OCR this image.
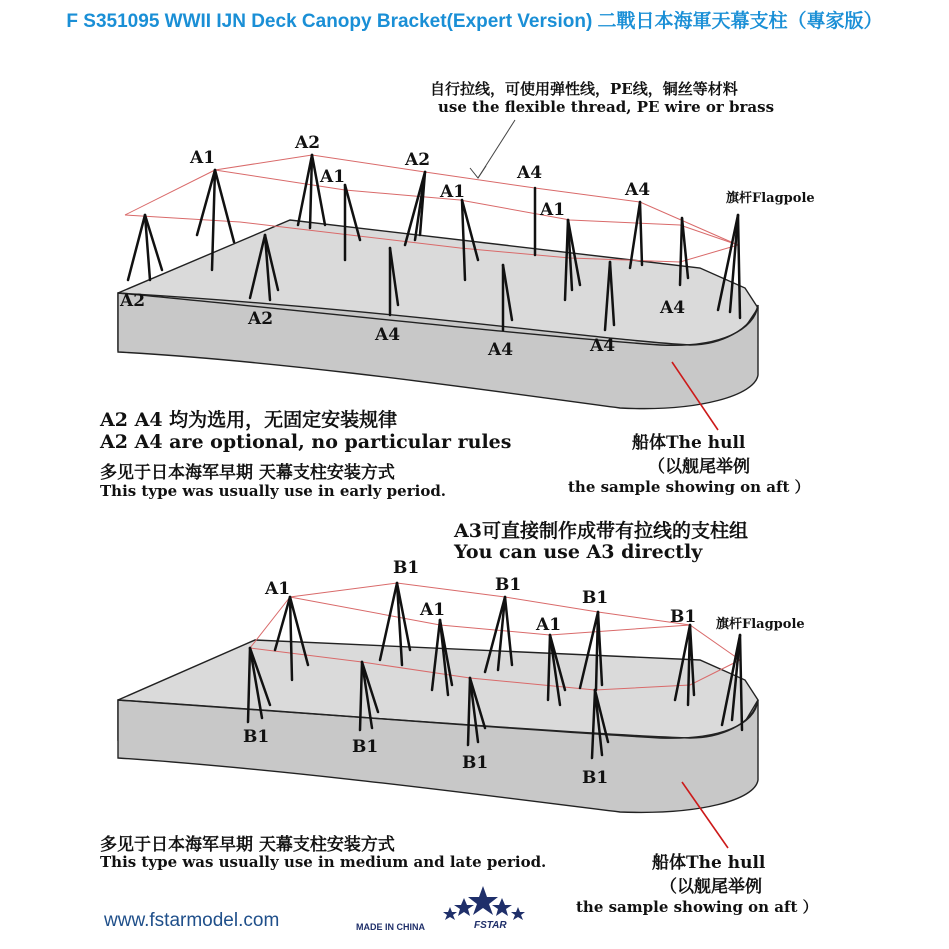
F S351095 WWII IJN Deck Canopy Bracket(Expert Version) 二戰日本海軍天幕支柱（專家版）
A1
A2
A1
A2
A1
A4
A1
A4	旗杆Flagpole
A2
A2
A4
A4	A4
A4
A1
B1
A1
B1
A1
B1
B1 旗杆Flagpole
B1	B1
B1
B1
自行拉线，可使用弹性线，PE线，铜丝等材料
use the flexible thread, PE wire or brass
A2 A4 均为选用，无固定安装规律
A2 A4 are optional, no particular rules
多见于日本海军早期 天幕支柱安装方式
This type was usually use in early period.
船体The hull
（以舰尾举例
the sample showing on aft ）
A3可直接制作成带有拉线的支柱组
You can use A3 directly
多见于日本海军早期 天幕支柱安装方式
This type was usually use in medium and late period.	船体The hull
（以舰尾举例
the sample showing on aft ）
www.fstarmodel.com	MADE IN CHINA	FSTAR
